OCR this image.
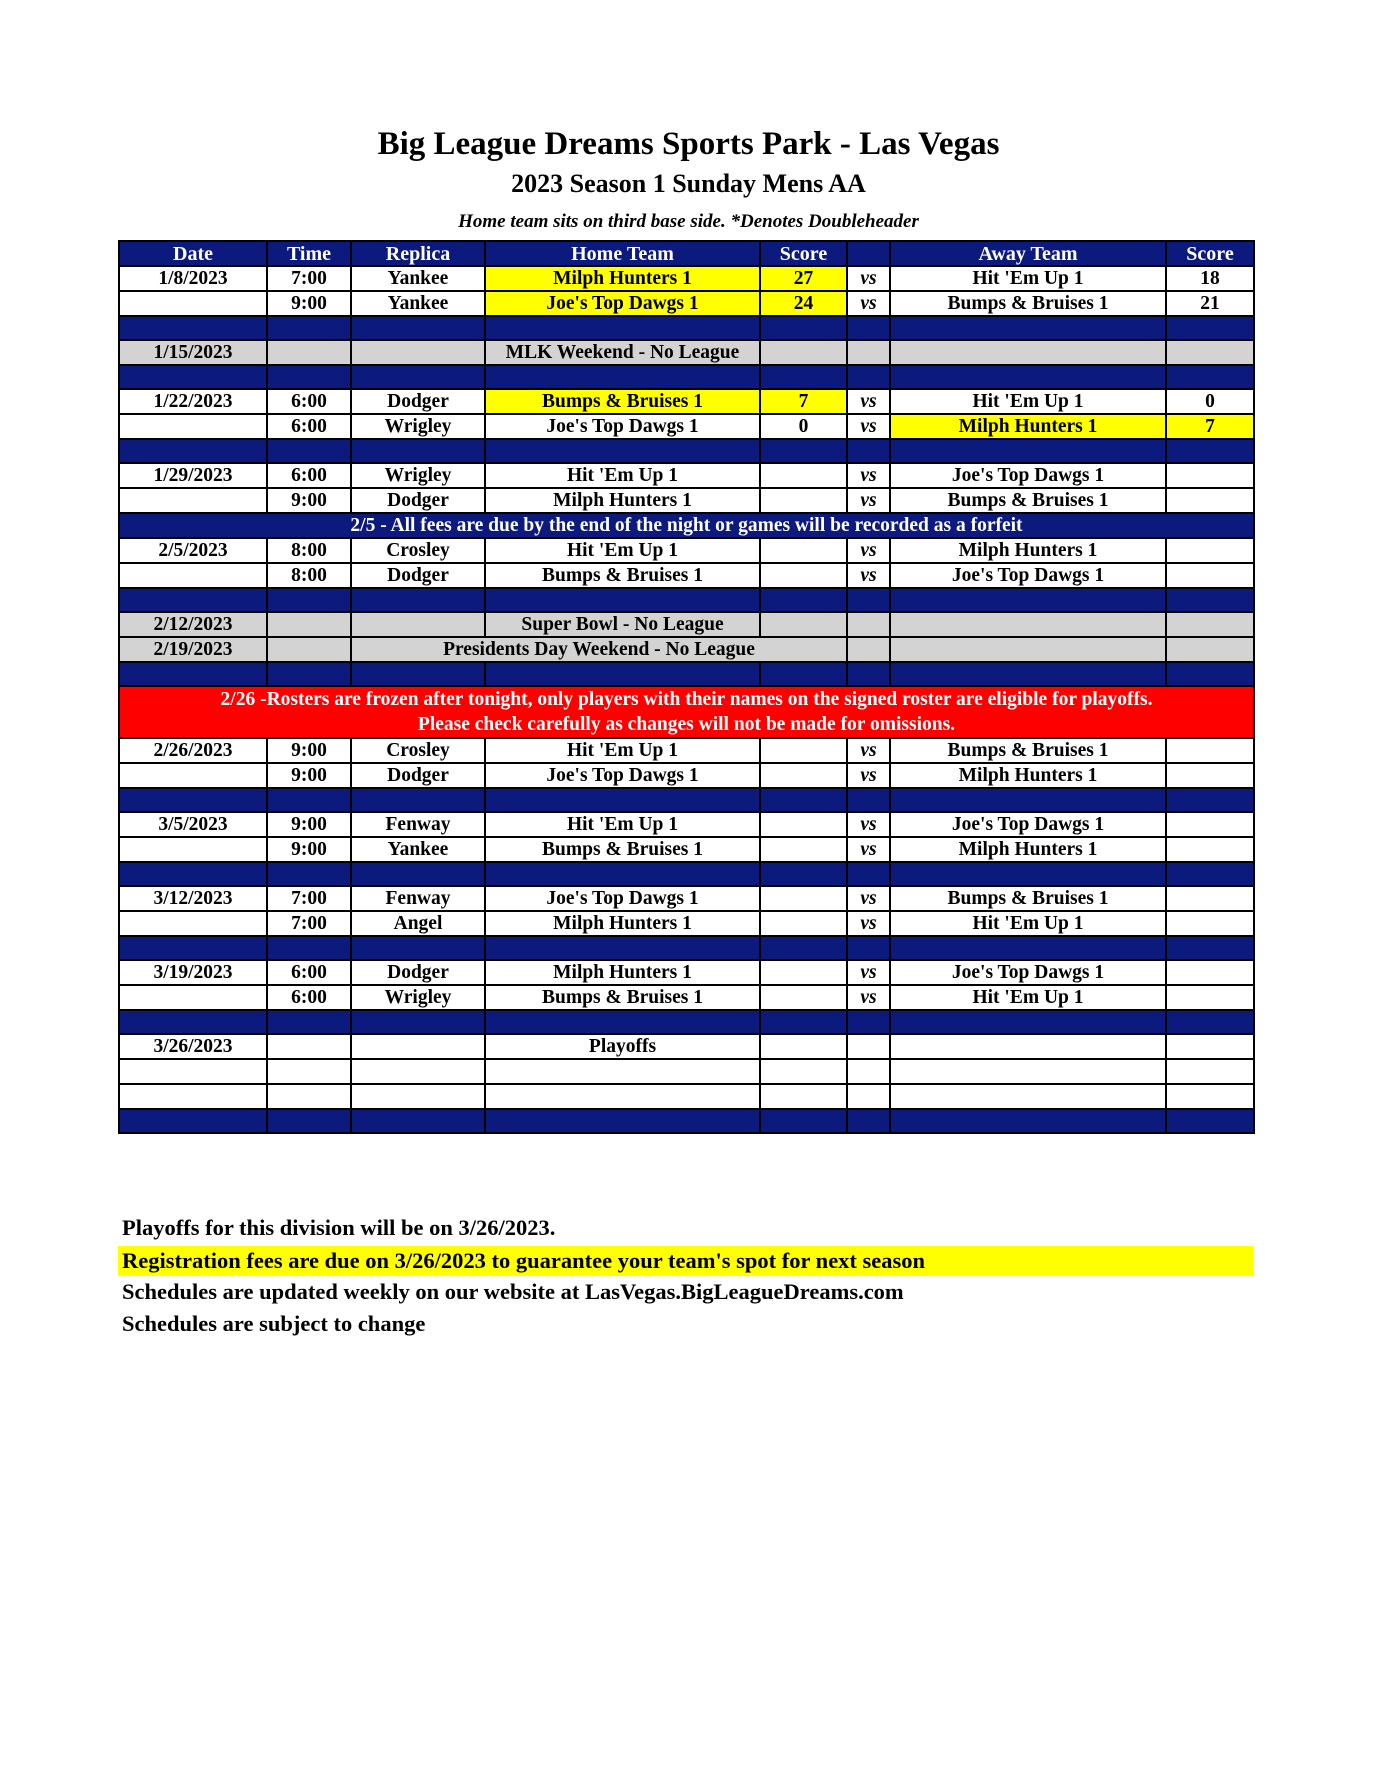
Big League Dreams Sports Park - Las Vegas
2023 Season 1 Sunday Mens AA
Home team sits on third base side. *Denotes Doubleheader
Date	Time	Replica	Home Team	Score		Away Team	Score
1/8/2023	7:00	Yankee	Milph Hunters 1	27	vs	Hit 'Em Up 1	18
	9:00	Yankee	Joe's Top Dawgs 1	24	vs	Bumps & Bruises 1	21

1/15/2023			MLK Weekend - No League				

1/22/2023	6:00	Dodger	Bumps & Bruises 1	7	vs	Hit 'Em Up 1	0
	6:00	Wrigley	Joe's Top Dawgs 1	0	vs	Milph Hunters 1	7

1/29/2023	6:00	Wrigley	Hit 'Em Up 1		vs	Joe's Top Dawgs 1	
	9:00	Dodger	Milph Hunters 1		vs	Bumps & Bruises 1	
2/5 - All fees are due by the end of the night or games will be recorded as a forfeit							
2/5/2023	8:00	Crosley	Hit 'Em Up 1		vs	Milph Hunters 1	
	8:00	Dodger	Bumps & Bruises 1		vs	Joe's Top Dawgs 1	

2/12/2023			Super Bowl - No League				
2/19/2023		Presidents Day Weekend - No League					

2/26 -Rosters are frozen after tonight, only players with their names on the signed roster are eligible for playoffs.
Please check carefully as changes will not be made for omissions.							
2/26/2023	9:00	Crosley	Hit 'Em Up 1		vs	Bumps & Bruises 1	
	9:00	Dodger	Joe's Top Dawgs 1		vs	Milph Hunters 1	

3/5/2023	9:00	Fenway	Hit 'Em Up 1		vs	Joe's Top Dawgs 1	
	9:00	Yankee	Bumps & Bruises 1		vs	Milph Hunters 1	

3/12/2023	7:00	Fenway	Joe's Top Dawgs 1		vs	Bumps & Bruises 1	
	7:00	Angel	Milph Hunters 1		vs	Hit 'Em Up 1	

3/19/2023	6:00	Dodger	Milph Hunters 1		vs	Joe's Top Dawgs 1	
	6:00	Wrigley	Bumps & Bruises 1		vs	Hit 'Em Up 1	

3/26/2023			Playoffs				

Playoffs for this division will be on 3/26/2023.
Registration fees are due on 3/26/2023 to guarantee your team's spot for next season
Schedules are updated weekly on our website at LasVegas.BigLeagueDreams.com
Schedules are subject to change
